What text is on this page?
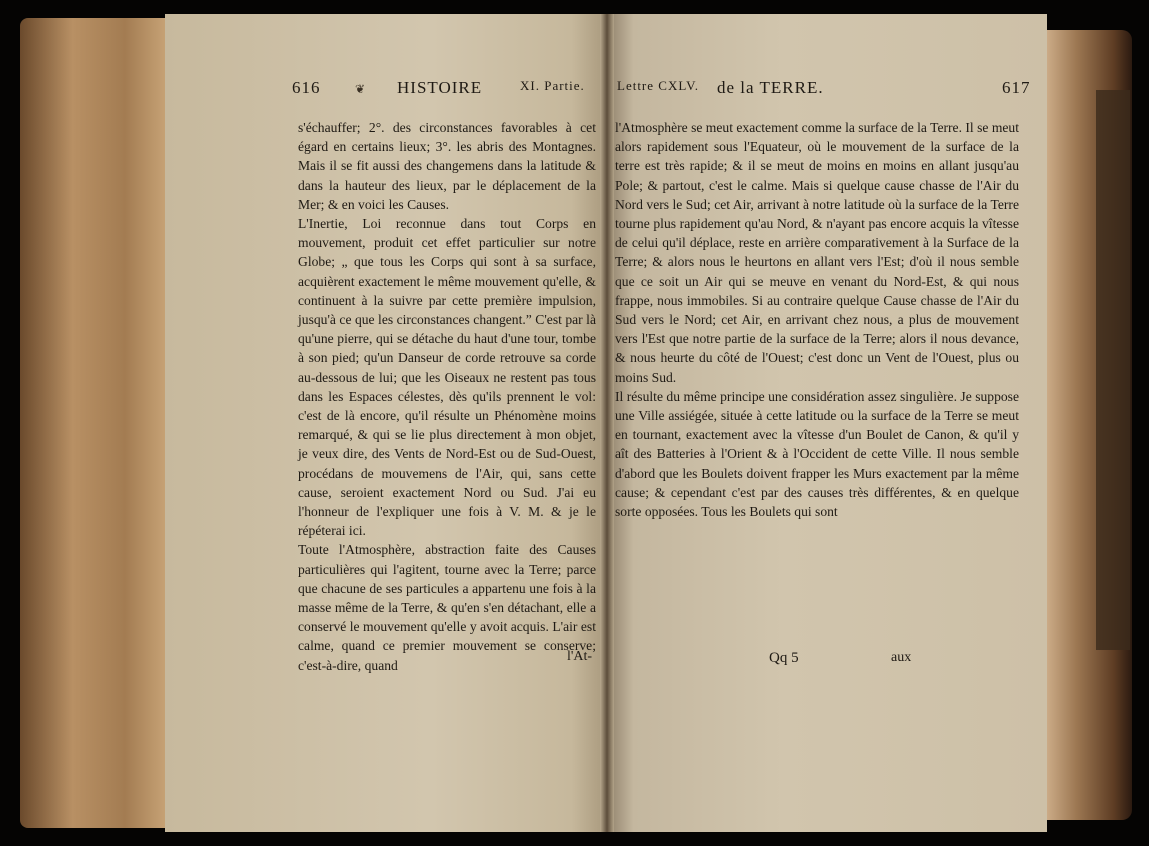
616	❦ HISTOIRE	XI. Partie.
s'échauffer; 2°. des circonstances favorables à cet égard en certains lieux; 3°. les abris des Montagnes. Mais il se fit aussi des changemens dans la latitude & dans la hauteur des lieux, par le déplacement de la Mer; & en voici les Causes.
L'Inertie, Loi reconnue dans tout Corps en mouvement, produit cet effet particulier sur notre Globe; „ que tous les Corps qui sont à sa surface, acquièrent exactement le même mouvement qu'elle, & continuent à la suivre par cette première impulsion, jusqu'à ce que les circonstances changent.” C'est par là qu'une pierre, qui se détache du haut d'une tour, tombe à son pied; qu'un Danseur de corde retrouve sa corde au-dessous de lui; que les Oiseaux ne restent pas tous dans les Espaces célestes, dès qu'ils prennent le vol: c'est de là encore, qu'il résulte un Phénomène moins remarqué, & qui se lie plus directement à mon objet, je veux dire, des Vents de Nord-Est ou de Sud-Ouest, procédans de mouvemens de l'Air, qui, sans cette cause, seroient exactement Nord ou Sud. J'ai eu l'honneur de l'expliquer une fois à V. M. & je le répéterai ici.
Toute l'Atmosphère, abstraction faite des Causes particulières qui l'agitent, tourne avec la Terre; parce que chacune de ses particules a appartenu une fois à la masse même de la Terre, & qu'en s'en détachant, elle a conservé le mouvement qu'elle y avoit acquis. L'air est calme, quand ce premier mouvement se conserve; c'est-à-dire, quand
l'At-
Lettre CXLV. de la TERRE.	617
l'Atmosphère se meut exactement comme la surface de la Terre. Il se meut alors rapidement sous l'Equateur, où le mouvement de la surface de la terre est très rapide; & il se meut de moins en moins en allant jusqu'au Pole; & partout, c'est le calme. Mais si quelque cause chasse de l'Air du Nord vers le Sud; cet Air, arrivant à notre latitude où la surface de la Terre tourne plus rapidement qu'au Nord, & n'ayant pas encore acquis la vîtesse de celui qu'il déplace, reste en arrière comparativement à la Surface de la Terre; & alors nous le heurtons en allant vers l'Est; d'où il nous semble que ce soit un Air qui se meuve en venant du Nord-Est, & qui nous frappe, nous immobiles. Si au contraire quelque Cause chasse de l'Air du Sud vers le Nord; cet Air, en arrivant chez nous, a plus de mouvement vers l'Est que notre partie de la surface de la Terre; alors il nous devance, & nous heurte du côté de l'Ouest; c'est donc un Vent de l'Ouest, plus ou moins Sud.
Il résulte du même principe une considération assez singulière. Je suppose une Ville assiégée, située à cette latitude ou la surface de la Terre se meut en tournant, exactement avec la vîtesse d'un Boulet de Canon, & qu'il y aît des Batteries à l'Orient & à l'Occident de cette Ville. Il nous semble d'abord que les Boulets doivent frapper les Murs exactement par la même cause; & cependant c'est par des causes très différentes, & en quelque sorte opposées. Tous les Boulets qui sont
Qq 5	aux
